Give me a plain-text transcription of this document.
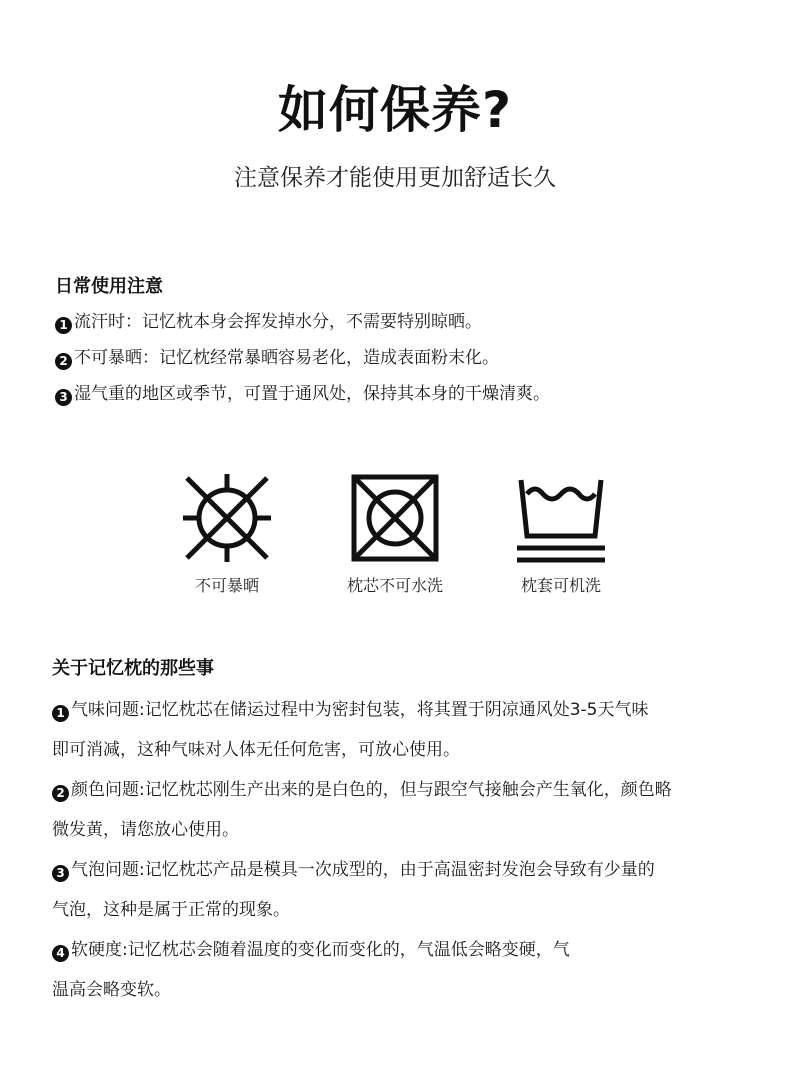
如何保养?
注意保养才能使用更加舒适长久
日常使用注意
1 流汗时：记忆枕本身会挥发掉水分，不需要特别晾晒。
2 不可暴晒：记忆枕经常暴晒容易老化，造成表面粉末化。
3 湿气重的地区或季节，可置于通风处，保持其本身的干燥清爽。
不可暴晒	枕芯不可水洗	枕套可机洗
关于记忆枕的那些事
1 气味问题:记忆枕芯在储运过程中为密封包装，将其置于阴凉通风处3-5天气味
即可消减，这种气味对人体无任何危害，可放心使用。
2 颜色问题:记忆枕芯刚生产出来的是白色的，但与跟空气接触会产生氧化，颜色略
微发黄，请您放心使用。
3 气泡问题:记忆枕芯产品是模具一次成型的，由于高温密封发泡会导致有少量的
气泡，这种是属于正常的现象。
4 软硬度:记忆枕芯会随着温度的变化而变化的，气温低会略变硬，气
温高会略变软。
